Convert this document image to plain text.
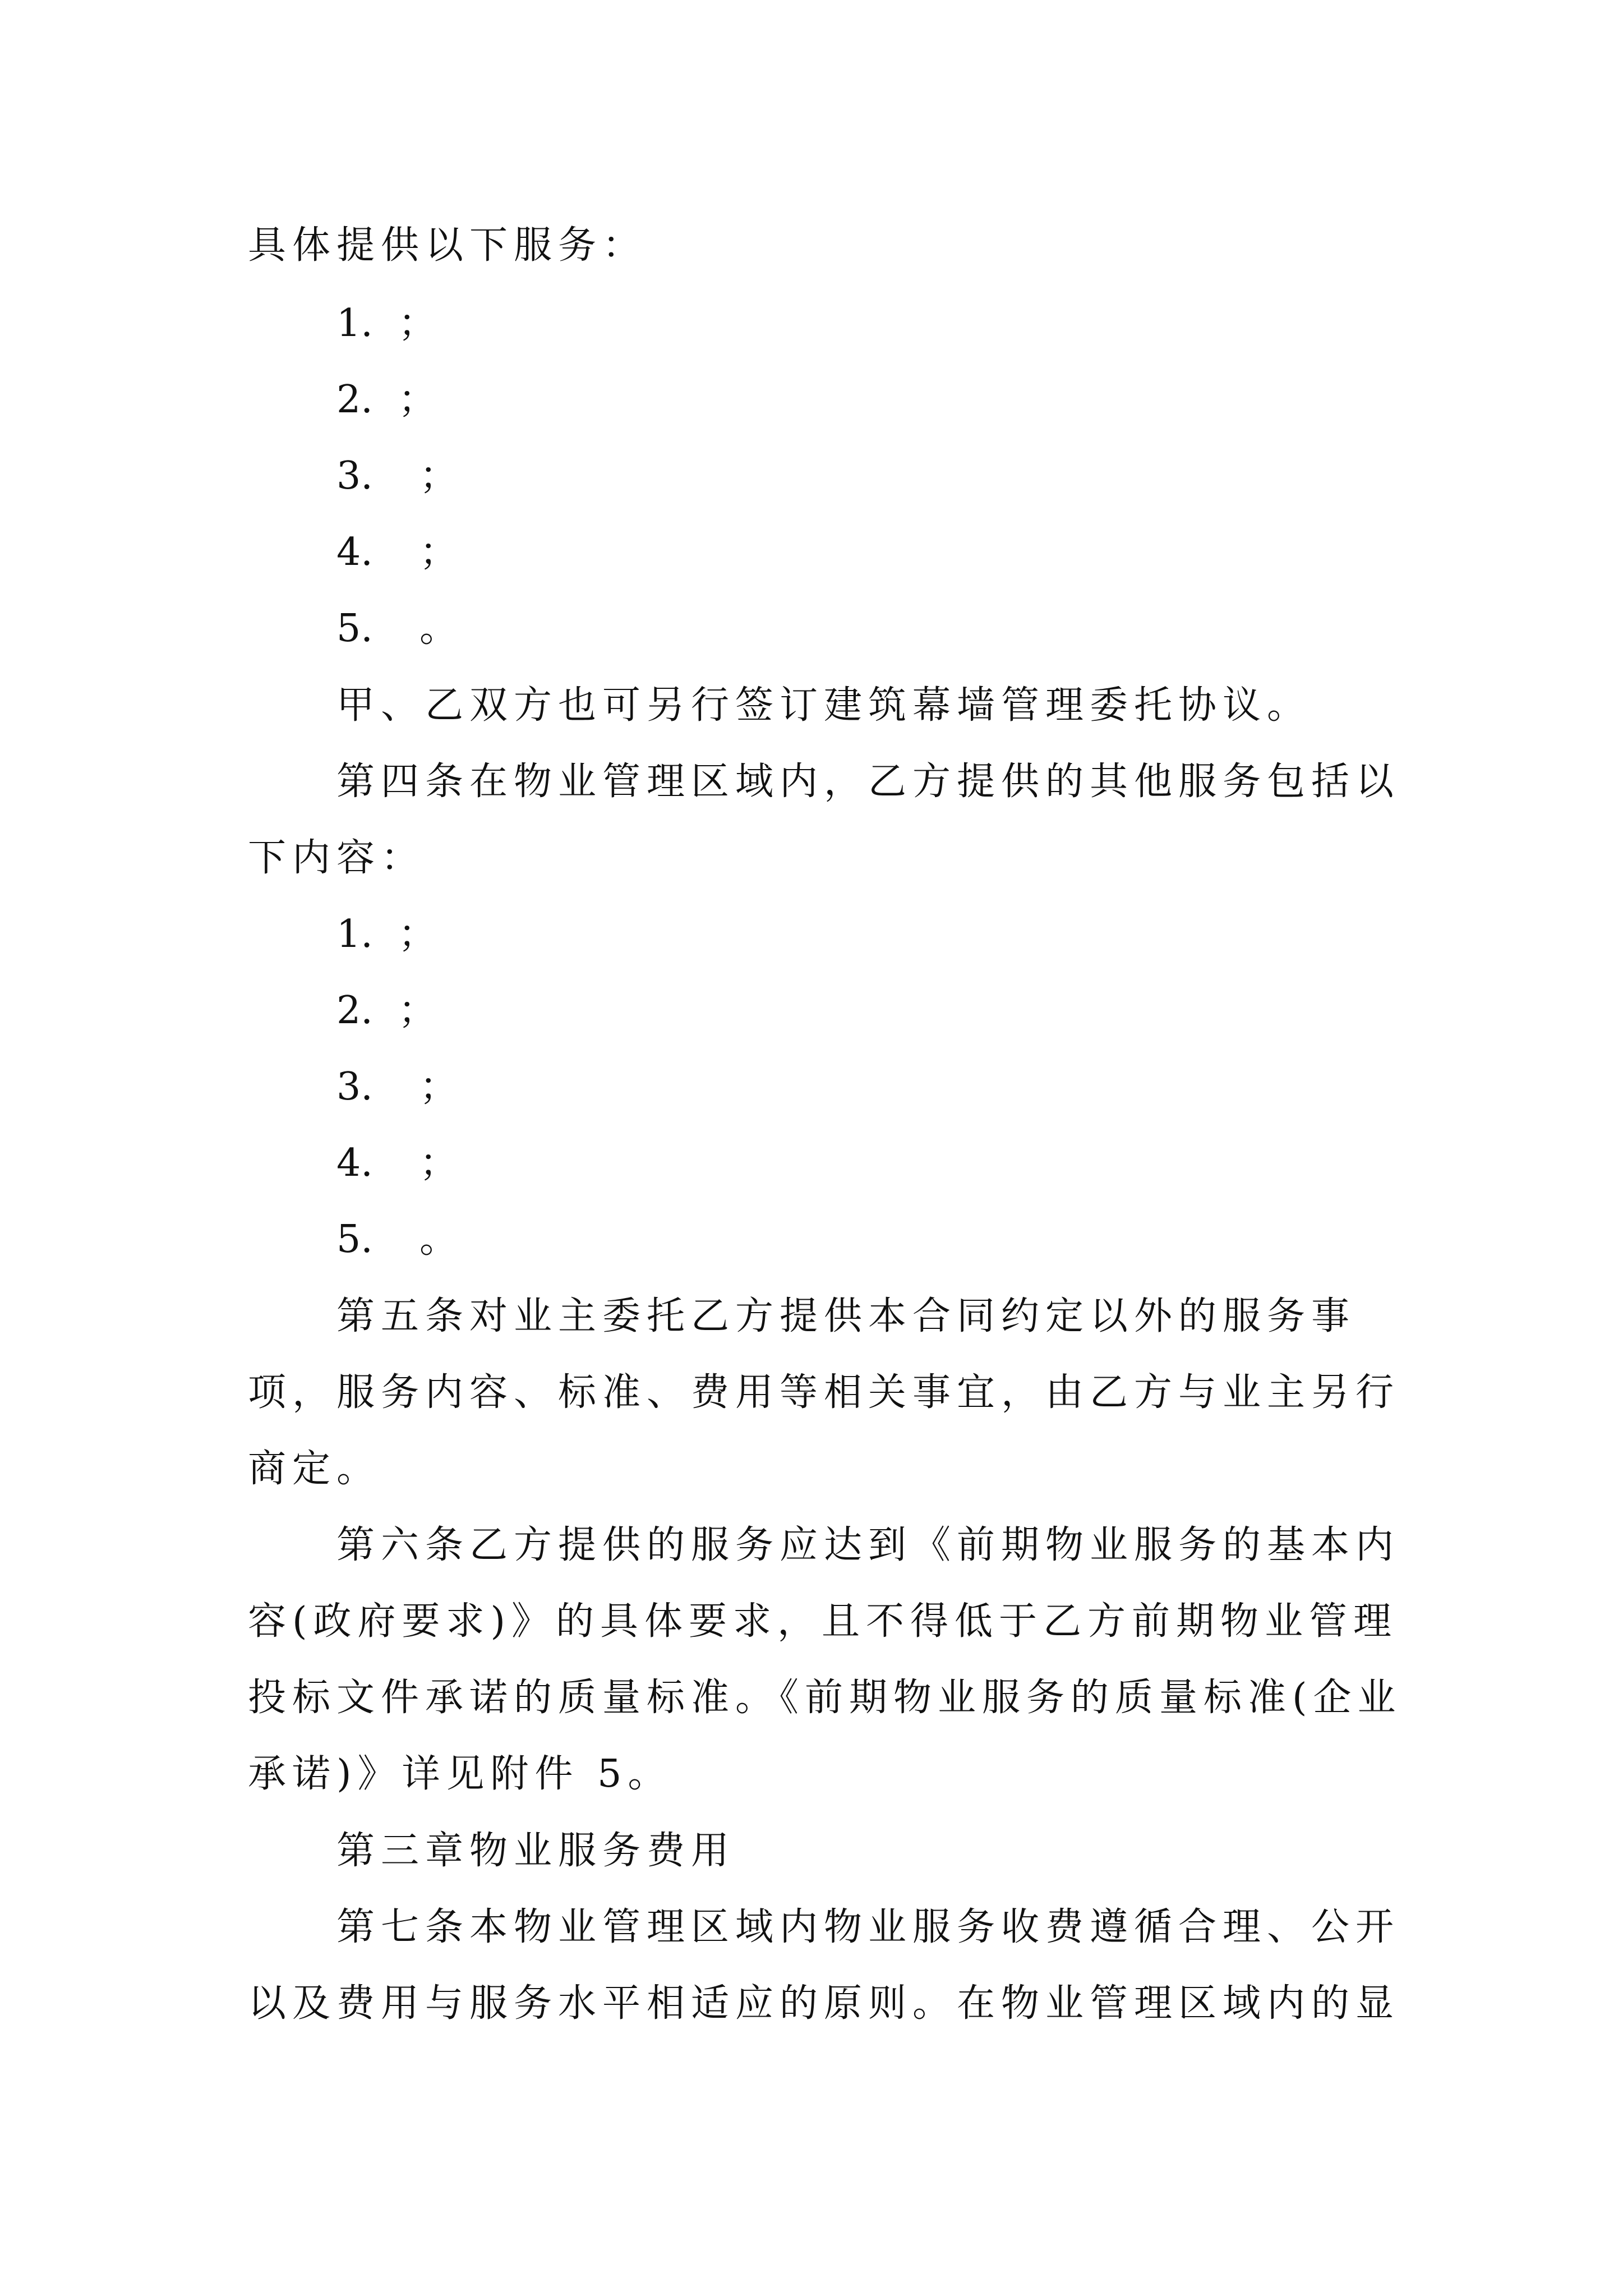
具体提供以下服务：
1. ；
2. ；
3. ；
4. ；
5. 。
甲、乙双方也可另行签订建筑幕墙管理委托协议。
第四条在物业管理区域内，乙方提供的其他服务包括以
下内容：
1. ；
2. ；
3. ；
4. ；
5. 。
第五条对业主委托乙方提供本合同约定以外的服务事
项，服务内容、标准、费用等相关事宜，由乙方与业主另行
商定。
第六条乙方提供的服务应达到《前期物业服务的基本内
容(政府要求)》的具体要求，且不得低于乙方前期物业管理
投标文件承诺的质量标准。《前期物业服务的质量标准(企业
承诺)》详见附件 5。
第三章物业服务费用
第七条本物业管理区域内物业服务收费遵循合理、公开
以及费用与服务水平相适应的原则。在物业管理区域内的显
